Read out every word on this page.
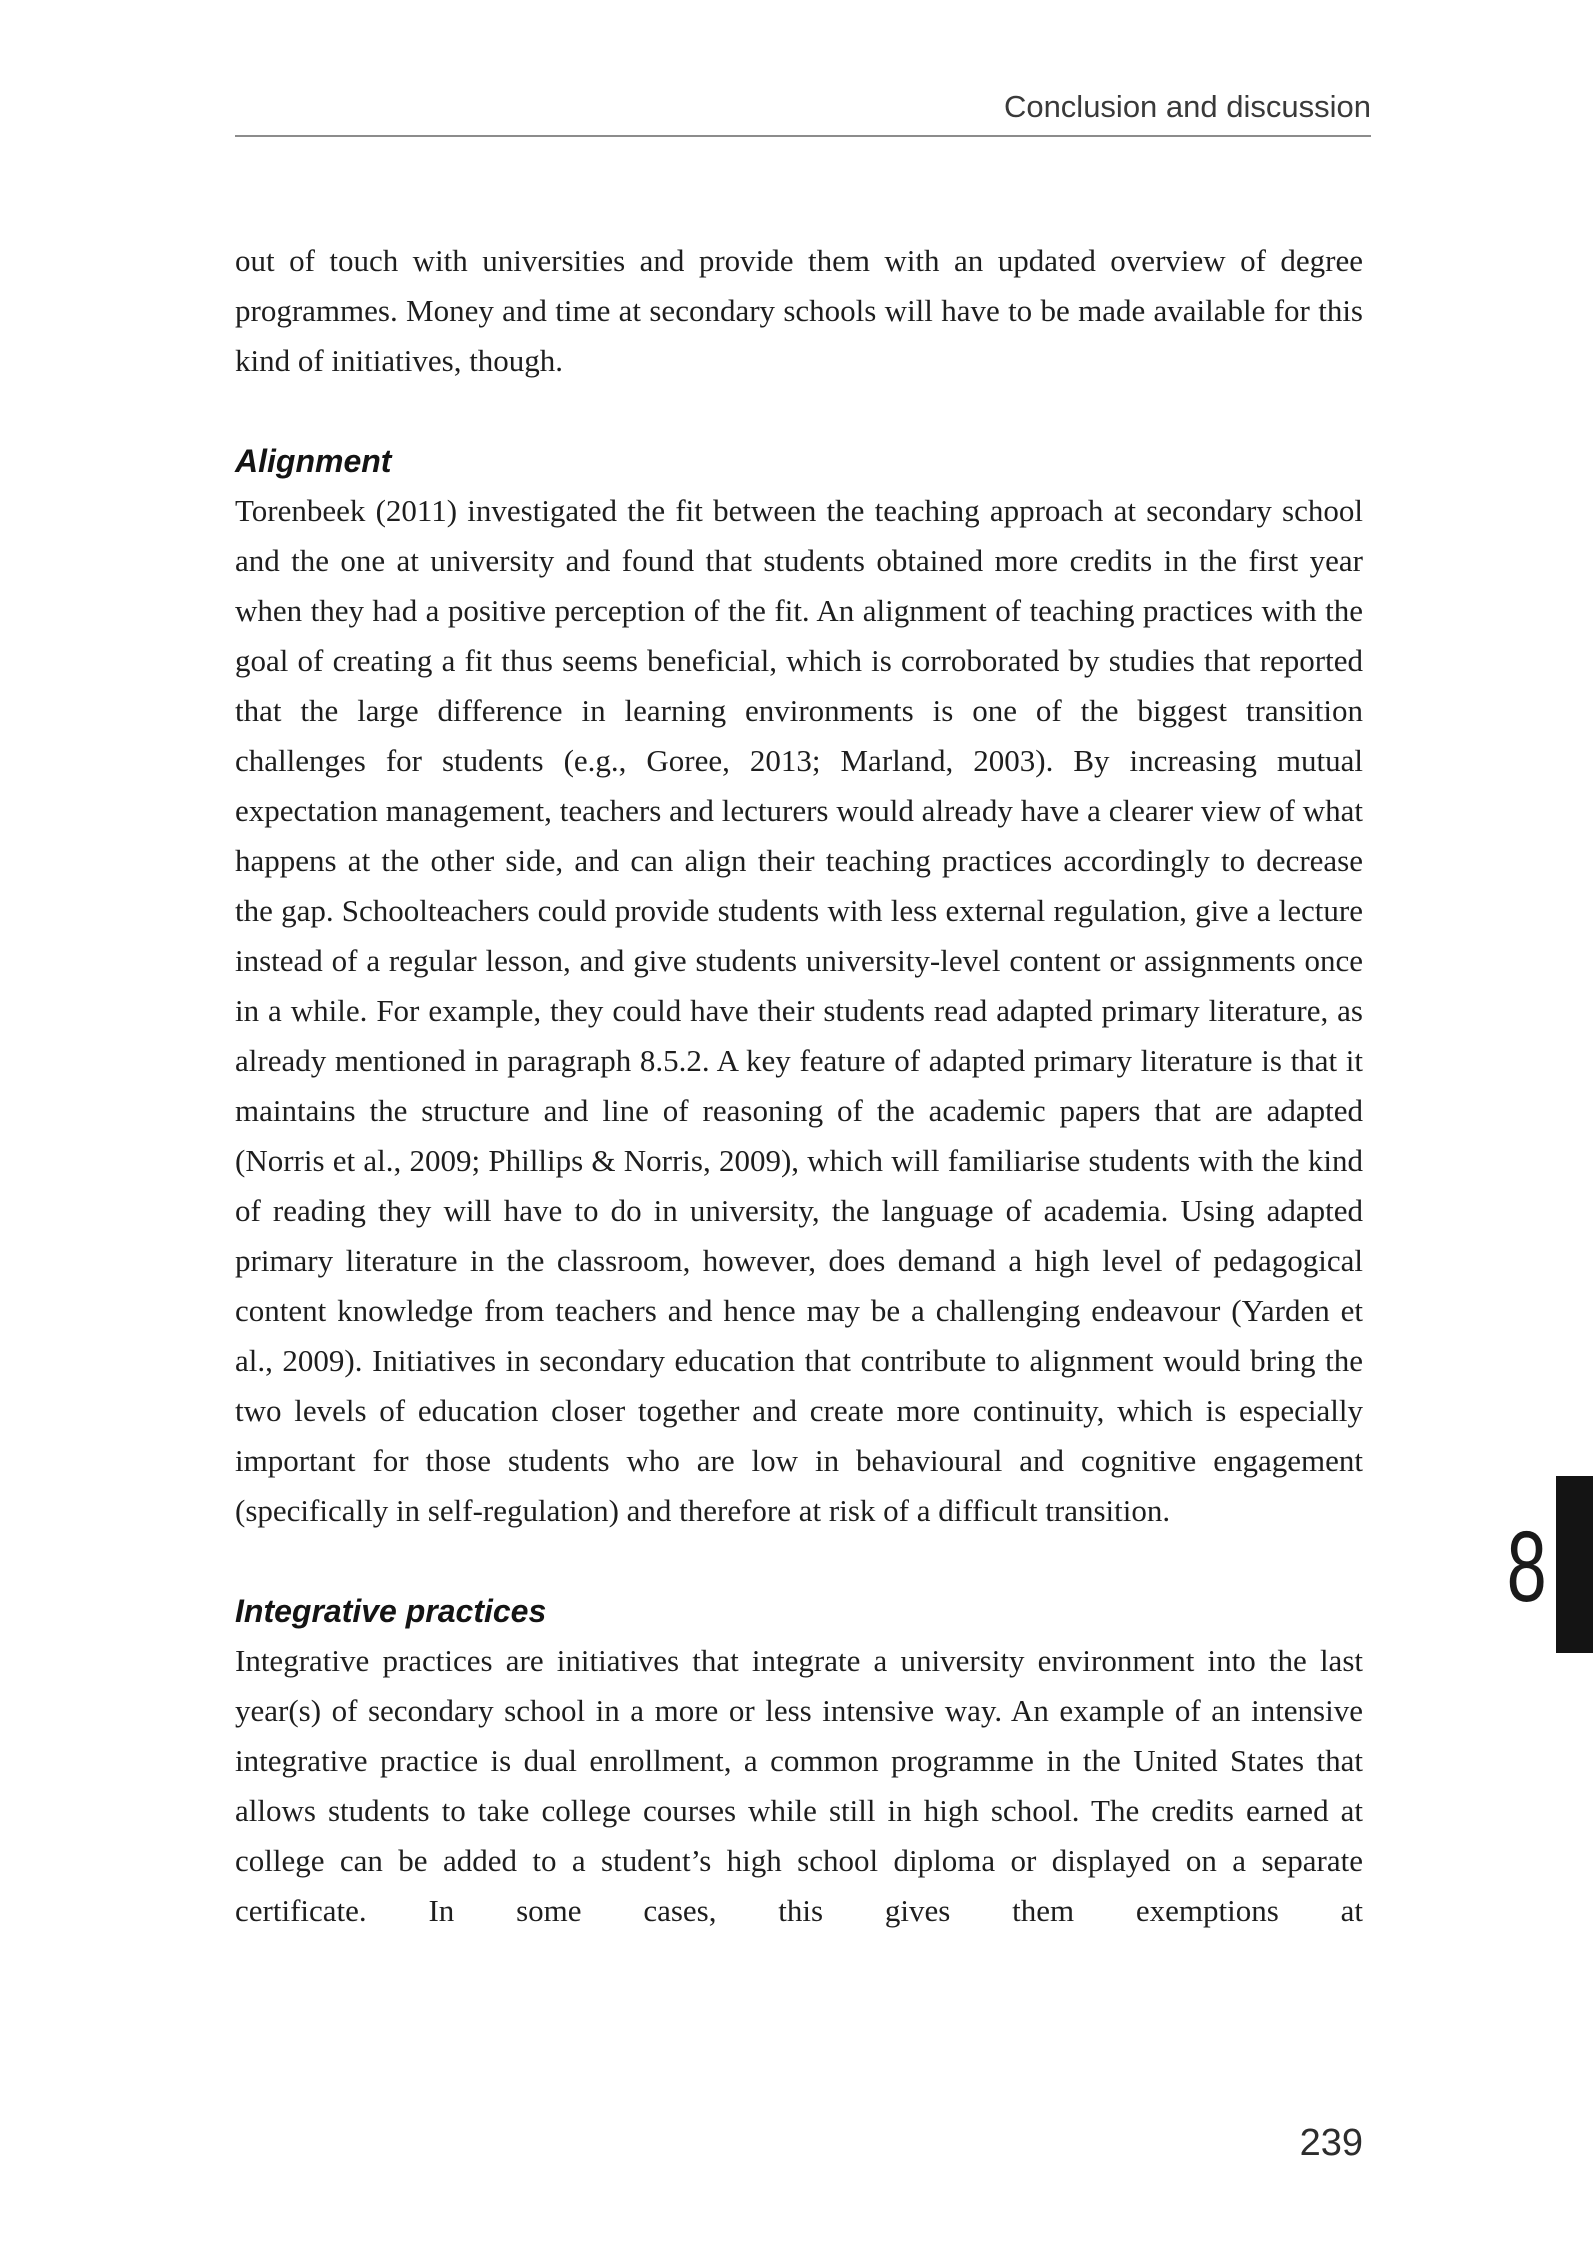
Conclusion and discussion

out of touch with universities and provide them with an updated overview of degree programmes. Money and time at secondary schools will have to be made available for this kind of initiatives, though.

Alignment

Torenbeek (2011) investigated the fit between the teaching approach at secondary school and the one at university and found that students obtained more credits in the first year when they had a positive perception of the fit. An alignment of teaching practices with the goal of creating a fit thus seems beneficial, which is corroborated by studies that reported that the large difference in learning environments is one of the biggest transition challenges for students (e.g., Goree, 2013; Marland, 2003). By increasing mutual expectation management, teachers and lecturers would already have a clearer view of what happens at the other side, and can align their teaching practices accordingly to decrease the gap. Schoolteachers could provide students with less external regulation, give a lecture instead of a regular lesson, and give students university-level content or assignments once in a while. For example, they could have their students read adapted primary literature, as already mentioned in paragraph 8.5.2. A key feature of adapted primary literature is that it maintains the structure and line of reasoning of the academic papers that are adapted (Norris et al., 2009; Phillips & Norris, 2009), which will familiarise students with the kind of reading they will have to do in university, the language of academia. Using adapted primary literature in the classroom, however, does demand a high level of pedagogical content knowledge from teachers and hence may be a challenging endeavour (Yarden et al., 2009). Initiatives in secondary education that contribute to alignment would bring the two levels of education closer together and create more continuity, which is especially important for those students who are low in behavioural and cognitive engagement (specifically in self-regulation) and therefore at risk of a difficult transition.

Integrative practices

Integrative practices are initiatives that integrate a university environment into the last year(s) of secondary school in a more or less intensive way. An example of an intensive integrative practice is dual enrollment, a common programme in the United States that allows students to take college courses while still in high school. The credits earned at college can be added to a student’s high school diploma or displayed on a separate certificate. In some cases, this gives them exemptions at

8
239
